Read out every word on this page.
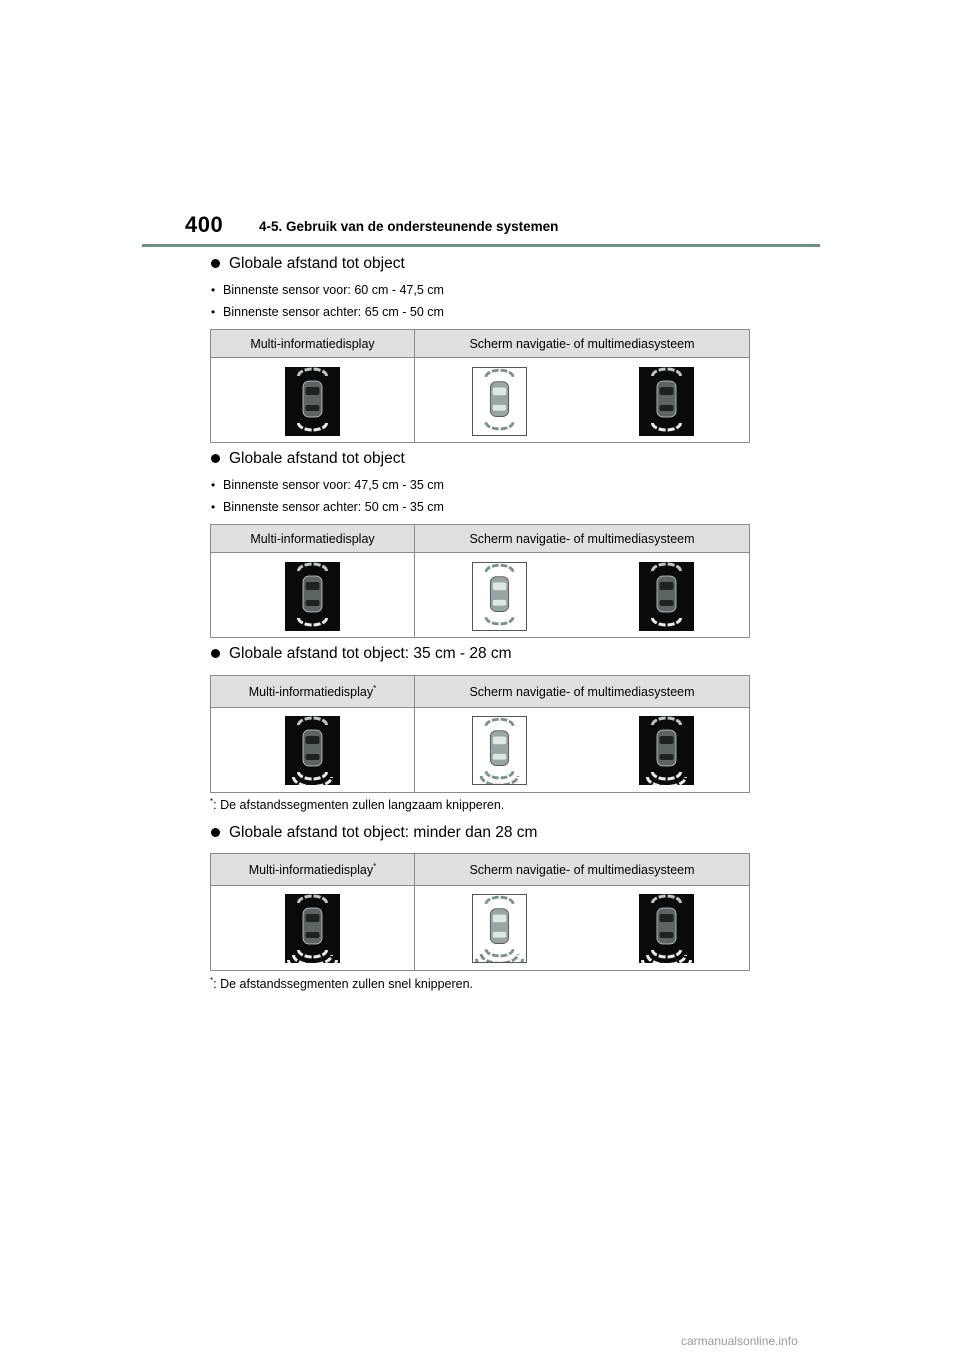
400	4-5. Gebruik van de ondersteunende systemen

Globale afstand tot object

• Binnenste sensor voor: 60 cm - 47,5 cm
• Binnenste sensor achter: 65 cm - 50 cm
Multi-informatiedisplay	Scherm navigatie- of multimediasysteem

Globale afstand tot object

• Binnenste sensor voor: 47,5 cm - 35 cm
• Binnenste sensor achter: 50 cm - 35 cm
Multi-informatiedisplay	Scherm navigatie- of multimediasysteem

Globale afstand tot object: 35 cm - 28 cm

Multi-informatiedisplay*	Scherm navigatie- of multimediasysteem

*: De afstandssegmenten zullen langzaam knipperen.

Globale afstand tot object: minder dan 28 cm

Multi-informatiedisplay*	Scherm navigatie- of multimediasysteem

*: De afstandssegmenten zullen snel knipperen.
carmanualsonline.info
